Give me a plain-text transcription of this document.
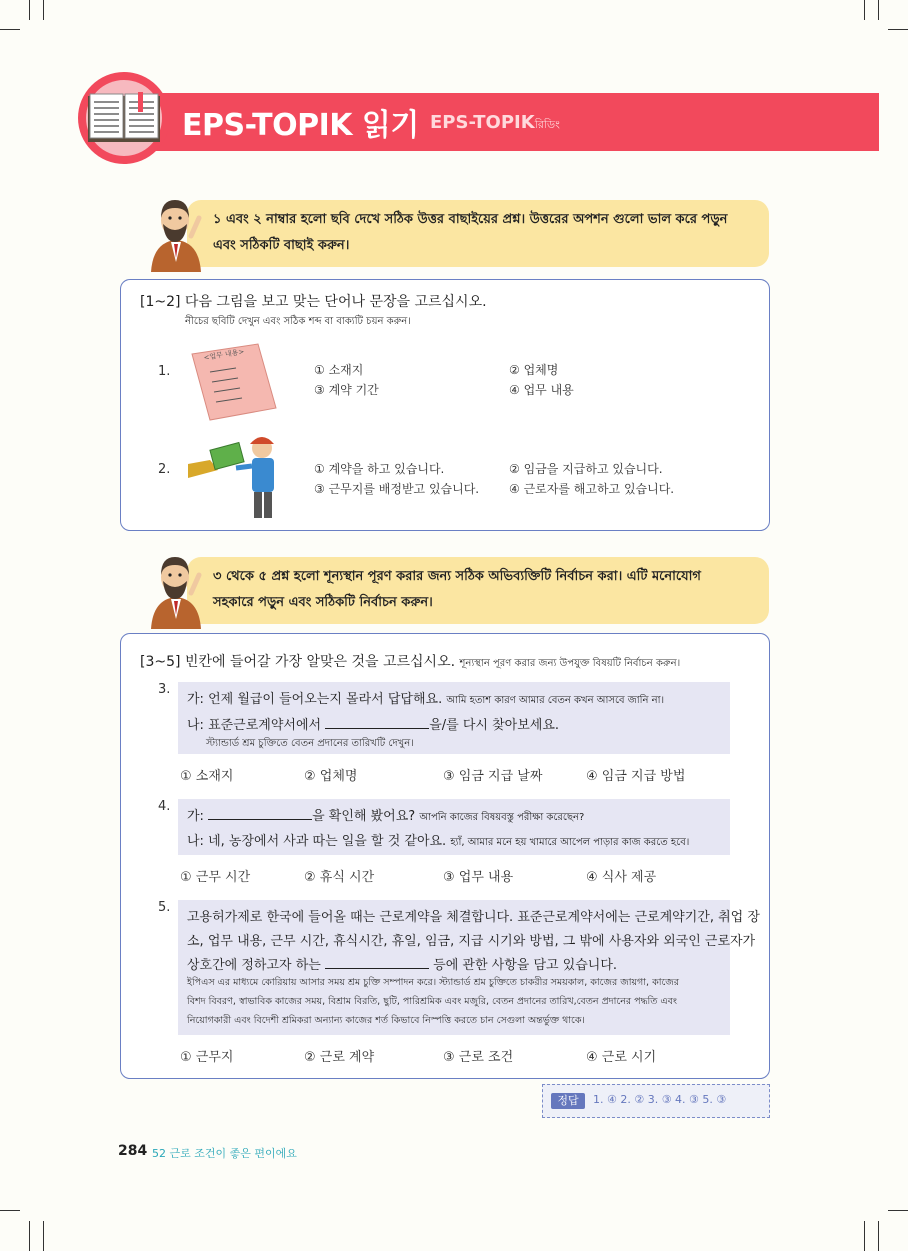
EPS-TOPIK 읽기 EPS-TOPIKরিডিং
১ এবং ২ নাম্বার হলো ছবি দেখে সঠিক উত্তর বাছাইয়ের প্রশ্ন। উত্তরের অপশন গুলো ভাল করে পড়ুন
এবং সঠিকটি বাছাই করুন।
[1~2] 다음 그림을 보고 맞는 단어나 문장을 고르십시오.
নীচের ছবিটি দেখুন এবং সঠিক শব্দ বা বাক্যটি চয়ন করুন।
1.
<업무 내용>
① 소재지	② 업체명
③ 계약 기간	④ 업무 내용
2.	① 계약을 하고 있습니다.	② 임금을 지급하고 있습니다.
③ 근무지를 배정받고 있습니다. ④ 근로자를 해고하고 있습니다.
৩ থেকে ৫ প্রশ্ন হলো শূন্যস্থান পূরণ করার জন্য সঠিক অভিব্যক্তিটি নির্বাচন করা। এটি মনোযোগ
সহকারে পড়ুন এবং সঠিকটি নির্বাচন করুন।
[3~5] 빈칸에 들어갈 가장 알맞은 것을 고르십시오. শূন্যস্থান পূরণ করার জন্য উপযুক্ত বিষয়টি নির্বাচন করুন।
3.
가: 언제 월급이 들어오는지 몰라서 답답해요. আমি হতাশ কারণ আমার বেতন কখন আসবে জানি না।
나: 표준근로계약서에서	을/를 다시 찾아보세요.
স্ট্যান্ডার্ড শ্রম চুক্তিতে বেতন প্রদানের তারিখটি দেখুন।
① 소재지	② 업체명	③ 임금 지급 날짜	④ 임금 지급 방법
4.
가:	을 확인해 봤어요? আপনি কাজের বিষয়বস্তু পরীক্ষা করেছেন?
나: 네, 농장에서 사과 따는 일을 할 것 같아요. হ্যাঁ, আমার মনে হয় খামারে আপেল পাড়ার কাজ করতে হবে।
① 근무 시간	② 휴식 시간	③ 업무 내용	④ 식사 제공
5.
고용허가제로 한국에 들어올 때는 근로계약을 체결합니다. 표준근로계약서에는 근로계약기간, 취업 장
소, 업무 내용, 근무 시간, 휴식시간, 휴일, 임금, 지급 시기와 방법, 그 밖에 사용자와 외국인 근로자가
상호간에 정하고자 하는	등에 관한 사항을 담고 있습니다.
ইপিএস এর মাধ্যমে কোরিয়ায় আসার সময় শ্রম চুক্তি সম্পাদন করে। স্ট্যান্ডার্ড শ্রম চুক্তিতে চাকরীর সময়কাল, কাজের জায়গা, কাজের
বিশদ বিবরণ, স্বাভাবিক কাজের সময়, বিশ্রাম বিরতি, ছুটি, পারিশ্রমিক এবং মজুরি, বেতন প্রদানের তারিখ,বেতন প্রদানের পদ্ধতি এবং
নিয়োগকারী এবং বিদেশী শ্রমিকরা অন্যান্য কাজের শর্ত কিভাবে নিস্পত্তি করতে চান সেগুলা অন্তর্ভুক্ত থাকে।
① 근무지	② 근로 계약	③ 근로 조건	④ 근로 시기
정답	1. ④ 2. ② 3. ③ 4. ③ 5. ③
284 52 근로 조건이 좋은 편이에요
